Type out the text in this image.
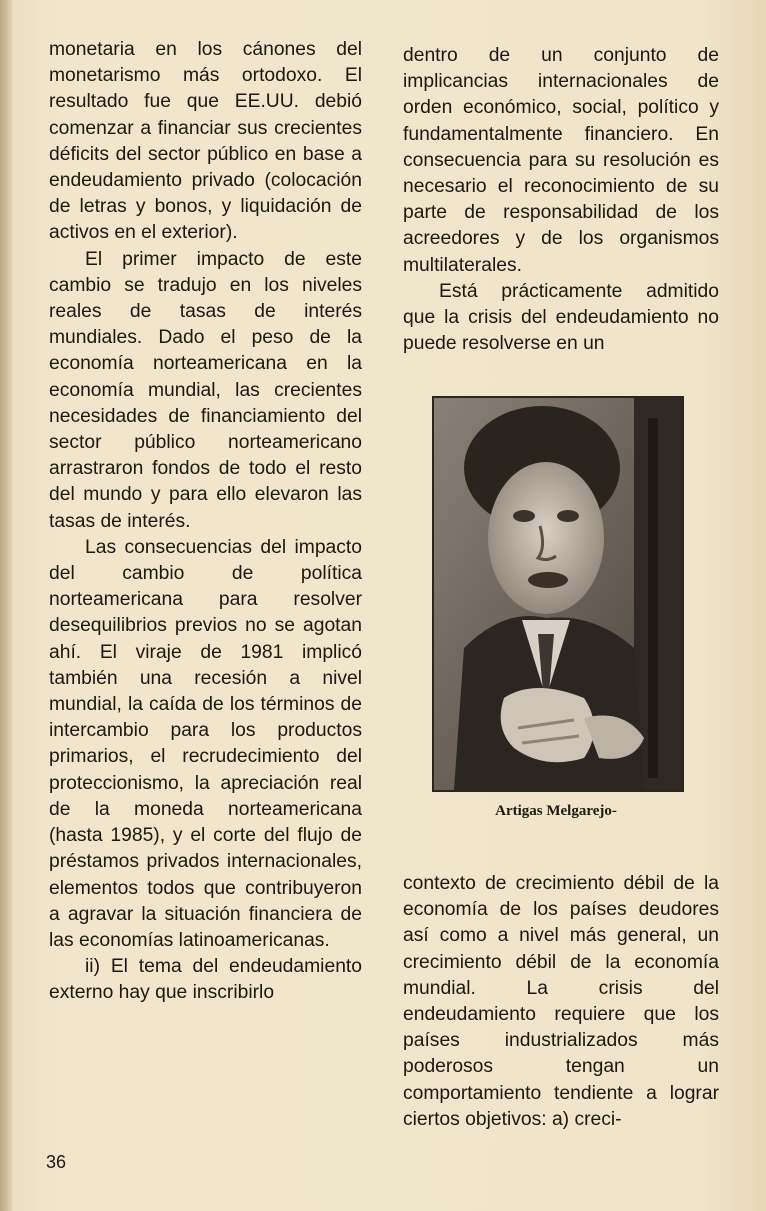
monetaria en los cánones del monetarismo más ortodoxo. El resultado fue que EE.UU. debió comenzar a financiar sus crecientes déficits del sector público en base a endeudamiento privado (colocación de letras y bonos, y liquidación de activos en el exterior).

El primer impacto de este cambio se tradujo en los niveles reales de tasas de interés mundiales. Dado el peso de la economía norteamericana en la economía mundial, las crecientes necesidades de financiamiento del sector público norteamericano arrastraron fondos de todo el resto del mundo y para ello elevaron las tasas de interés.

Las consecuencias del impacto del cambio de política norteamericana para resolver desequilibrios previos no se agotan ahí. El viraje de 1981 implicó también una recesión a nivel mundial, la caída de los términos de intercambio para los productos primarios, el recrudecimiento del proteccionismo, la apreciación real de la moneda norteamericana (hasta 1985), y el corte del flujo de préstamos privados internacionales, elementos todos que contribuyeron a agravar la situación financiera de las economías latinoamericanas.

ii) El tema del endeudamiento externo hay que inscribirlo

dentro de un conjunto de implicancias internacionales de orden económico, social, político y fundamentalmente financiero. En consecuencia para su resolución es necesario el reconocimiento de su parte de responsabilidad de los acreedores y de los organismos multilaterales.

Está prácticamente admitido que la crisis del endeudamiento no puede resolverse en un

Artigas Melgarejo-

contexto de crecimiento débil de la economía de los países deudores así como a nivel más general, un crecimiento débil de la economía mundial. La crisis del endeudamiento requiere que los países industrializados más poderosos tengan un comportamiento tendiente a lograr ciertos objetivos: a) creci-

36
